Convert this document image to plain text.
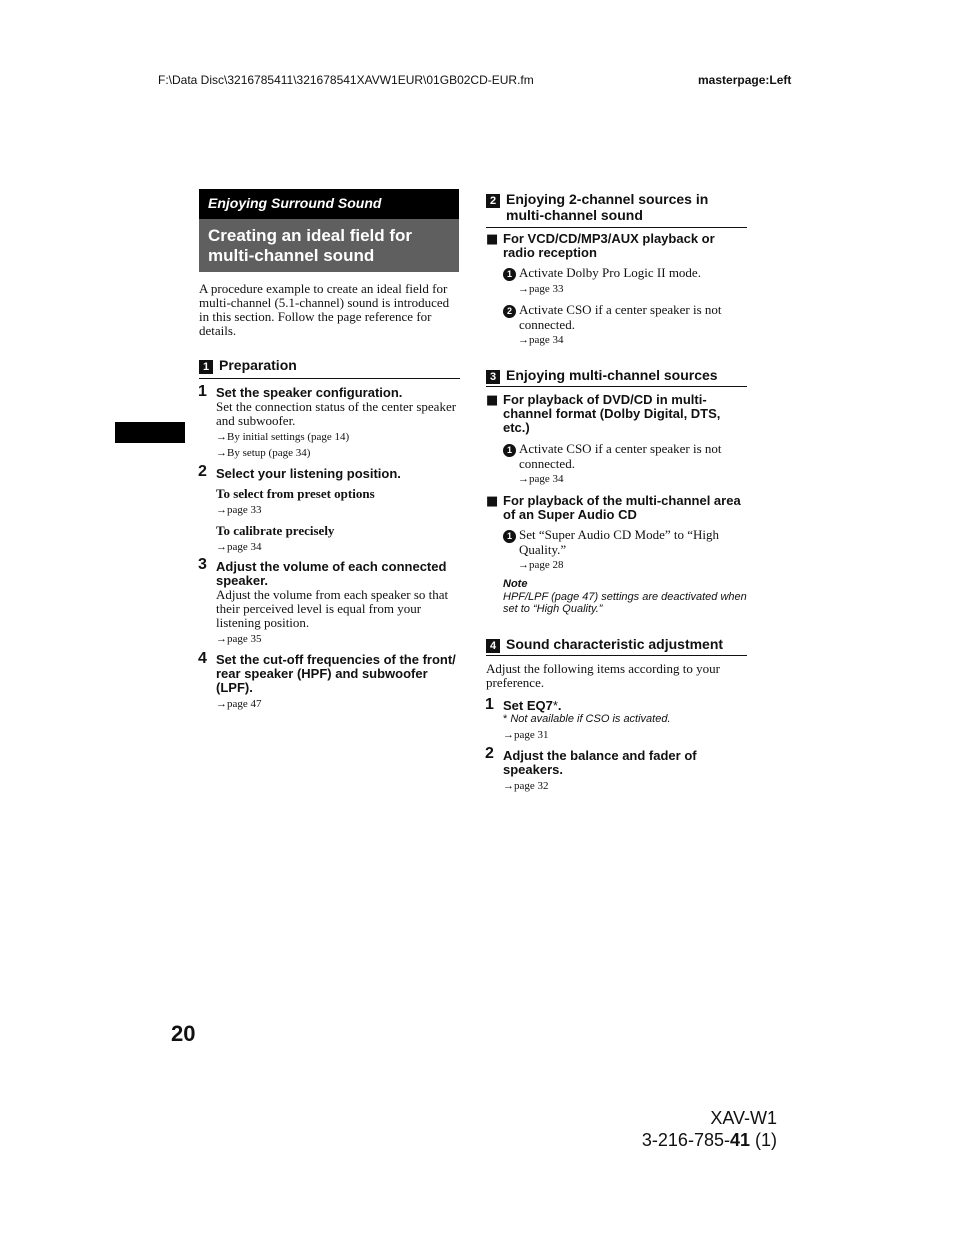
F:\Data Disc\3216785411\321678541XAVW1EUR\01GB02CD-EUR.fm	masterpage:Left
Enjoying Surround Sound
Creating an ideal field for
multi-channel sound
A procedure example to create an ideal field for
multi-channel (5.1-channel) sound is introduced
in this section. Follow the page reference for
details.
1 Preparation
1 Set the speaker configuration.
Set the connection status of the center speaker
and subwoofer.
→By initial settings (page 14)
→By setup (page 34)
2 Select your listening position.
To select from preset options
→page 33
To calibrate precisely
→page 34
3 Adjust the volume of each connected
speaker.
Adjust the volume from each speaker so that
their perceived level is equal from your
listening position.
→page 35
4 Set the cut-off frequencies of the front/
rear speaker (HPF) and subwoofer
(LPF).
→page 47
2 Enjoying 2-channel sources in
multi-channel sound
■ For VCD/CD/MP3/AUX playback or
radio reception
1 Activate Dolby Pro Logic II mode.
→page 33
2 Activate CSO if a center speaker is not
connected.
→page 34
3 Enjoying multi-channel sources
■ For playback of DVD/CD in multi-
channel format (Dolby Digital, DTS,
etc.)
1 Activate CSO if a center speaker is not
connected.
→page 34
■ For playback of the multi-channel area
of an Super Audio CD
1 Set “Super Audio CD Mode” to “High
Quality.”
→page 28
Note
HPF/LPF (page 47) settings are deactivated when
set to “High Quality.”
4 Sound characteristic adjustment
Adjust the following items according to your
preference.
1 Set EQ7*.
* Not available if CSO is activated.
→page 31
2 Adjust the balance and fader of
speakers.
→page 32
20
XAV-W1
3-216-785-41 (1)
